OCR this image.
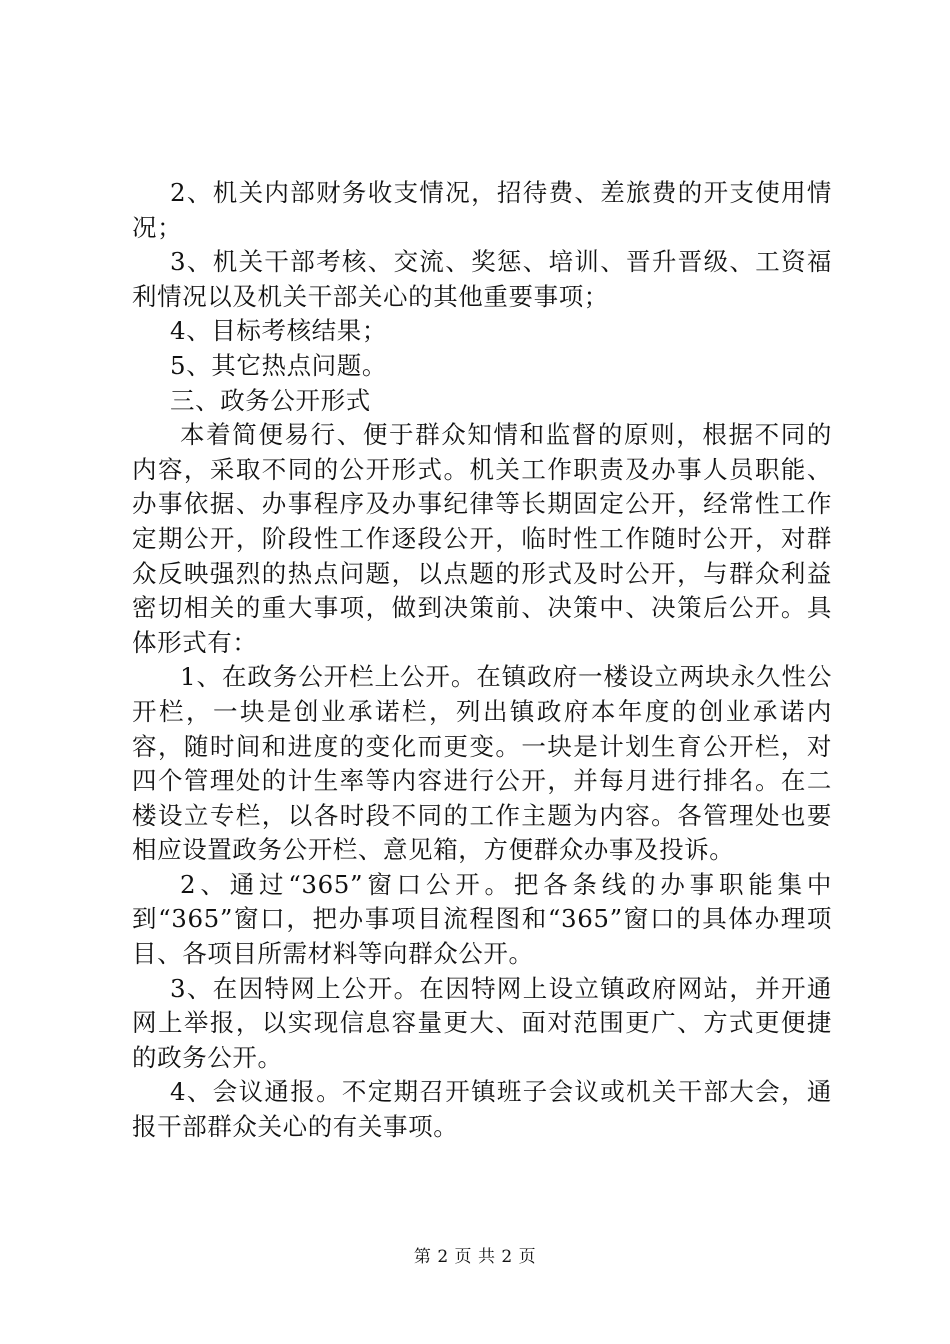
2、机关内部财务收支情况，招待费、差旅费的开支使用情况；

3、机关干部考核、交流、奖惩、培训、晋升晋级、工资福利情况以及机关干部关心的其他重要事项；

4、目标考核结果；

5、其它热点问题。

三、政务公开形式

本着简便易行、便于群众知情和监督的原则，根据不同的内容，采取不同的公开形式。机关工作职责及办事人员职能、办事依据、办事程序及办事纪律等长期固定公开，经常性工作定期公开，阶段性工作逐段公开，临时性工作随时公开，对群众反映强烈的热点问题，以点题的形式及时公开，与群众利益密切相关的重大事项，做到决策前、决策中、决策后公开。具体形式有：

1、在政务公开栏上公开。在镇政府一楼设立两块永久性公开栏，一块是创业承诺栏，列出镇政府本年度的创业承诺内容，随时间和进度的变化而更变。一块是计划生育公开栏，对四个管理处的计生率等内容进行公开，并每月进行排名。在二楼设立专栏，以各时段不同的工作主题为内容。各管理处也要相应设置政务公开栏、意见箱，方便群众办事及投诉。

2、通过“365”窗口公开。把各条线的办事职能集中到“365”窗口，把办事项目流程图和“365”窗口的具体办理项目、各项目所需材料等向群众公开。

3、在因特网上公开。在因特网上设立镇政府网站，并开通网上举报，以实现信息容量更大、面对范围更广、方式更便捷的政务公开。

4、会议通报。不定期召开镇班子会议或机关干部大会，通报干部群众关心的有关事项。

第 2 页 共 2 页
